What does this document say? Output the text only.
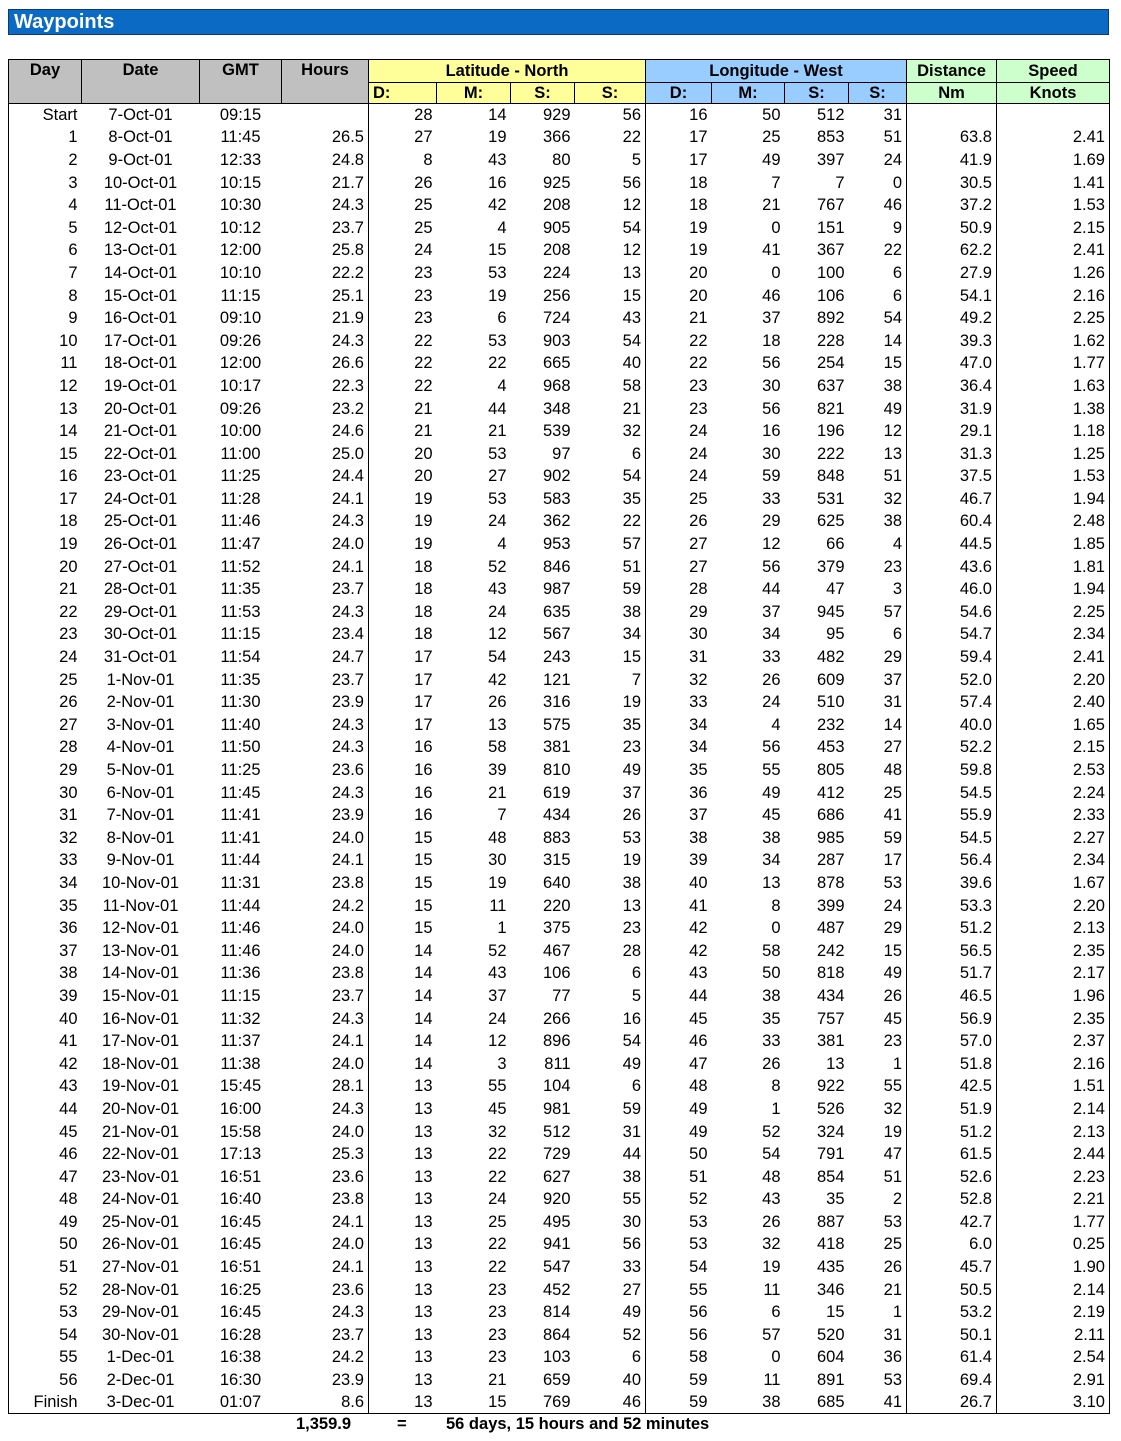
Waypoints
Day	Date	GMT	Hours	Latitude - North				Longitude - West				Distance	Speed
				D:	M:	S:	S:	D:	M:	S:	S:	Nm	Knots
Start	7-Oct-01	09:15		28	14	929	56	16	50	512	31		
1	8-Oct-01	11:45	26.5	27	19	366	22	17	25	853	51	63.8	2.41
2	9-Oct-01	12:33	24.8	8	43	80	5	17	49	397	24	41.9	1.69
3	10-Oct-01	10:15	21.7	26	16	925	56	18	7	7	0	30.5	1.41
4	11-Oct-01	10:30	24.3	25	42	208	12	18	21	767	46	37.2	1.53
5	12-Oct-01	10:12	23.7	25	4	905	54	19	0	151	9	50.9	2.15
6	13-Oct-01	12:00	25.8	24	15	208	12	19	41	367	22	62.2	2.41
7	14-Oct-01	10:10	22.2	23	53	224	13	20	0	100	6	27.9	1.26
8	15-Oct-01	11:15	25.1	23	19	256	15	20	46	106	6	54.1	2.16
9	16-Oct-01	09:10	21.9	23	6	724	43	21	37	892	54	49.2	2.25
10	17-Oct-01	09:26	24.3	22	53	903	54	22	18	228	14	39.3	1.62
11	18-Oct-01	12:00	26.6	22	22	665	40	22	56	254	15	47.0	1.77
12	19-Oct-01	10:17	22.3	22	4	968	58	23	30	637	38	36.4	1.63
13	20-Oct-01	09:26	23.2	21	44	348	21	23	56	821	49	31.9	1.38
14	21-Oct-01	10:00	24.6	21	21	539	32	24	16	196	12	29.1	1.18
15	22-Oct-01	11:00	25.0	20	53	97	6	24	30	222	13	31.3	1.25
16	23-Oct-01	11:25	24.4	20	27	902	54	24	59	848	51	37.5	1.53
17	24-Oct-01	11:28	24.1	19	53	583	35	25	33	531	32	46.7	1.94
18	25-Oct-01	11:46	24.3	19	24	362	22	26	29	625	38	60.4	2.48
19	26-Oct-01	11:47	24.0	19	4	953	57	27	12	66	4	44.5	1.85
20	27-Oct-01	11:52	24.1	18	52	846	51	27	56	379	23	43.6	1.81
21	28-Oct-01	11:35	23.7	18	43	987	59	28	44	47	3	46.0	1.94
22	29-Oct-01	11:53	24.3	18	24	635	38	29	37	945	57	54.6	2.25
23	30-Oct-01	11:15	23.4	18	12	567	34	30	34	95	6	54.7	2.34
24	31-Oct-01	11:54	24.7	17	54	243	15	31	33	482	29	59.4	2.41
25	1-Nov-01	11:35	23.7	17	42	121	7	32	26	609	37	52.0	2.20
26	2-Nov-01	11:30	23.9	17	26	316	19	33	24	510	31	57.4	2.40
27	3-Nov-01	11:40	24.3	17	13	575	35	34	4	232	14	40.0	1.65
28	4-Nov-01	11:50	24.3	16	58	381	23	34	56	453	27	52.2	2.15
29	5-Nov-01	11:25	23.6	16	39	810	49	35	55	805	48	59.8	2.53
30	6-Nov-01	11:45	24.3	16	21	619	37	36	49	412	25	54.5	2.24
31	7-Nov-01	11:41	23.9	16	7	434	26	37	45	686	41	55.9	2.33
32	8-Nov-01	11:41	24.0	15	48	883	53	38	38	985	59	54.5	2.27
33	9-Nov-01	11:44	24.1	15	30	315	19	39	34	287	17	56.4	2.34
34	10-Nov-01	11:31	23.8	15	19	640	38	40	13	878	53	39.6	1.67
35	11-Nov-01	11:44	24.2	15	11	220	13	41	8	399	24	53.3	2.20
36	12-Nov-01	11:46	24.0	15	1	375	23	42	0	487	29	51.2	2.13
37	13-Nov-01	11:46	24.0	14	52	467	28	42	58	242	15	56.5	2.35
38	14-Nov-01	11:36	23.8	14	43	106	6	43	50	818	49	51.7	2.17
39	15-Nov-01	11:15	23.7	14	37	77	5	44	38	434	26	46.5	1.96
40	16-Nov-01	11:32	24.3	14	24	266	16	45	35	757	45	56.9	2.35
41	17-Nov-01	11:37	24.1	14	12	896	54	46	33	381	23	57.0	2.37
42	18-Nov-01	11:38	24.0	14	3	811	49	47	26	13	1	51.8	2.16
43	19-Nov-01	15:45	28.1	13	55	104	6	48	8	922	55	42.5	1.51
44	20-Nov-01	16:00	24.3	13	45	981	59	49	1	526	32	51.9	2.14
45	21-Nov-01	15:58	24.0	13	32	512	31	49	52	324	19	51.2	2.13
46	22-Nov-01	17:13	25.3	13	22	729	44	50	54	791	47	61.5	2.44
47	23-Nov-01	16:51	23.6	13	22	627	38	51	48	854	51	52.6	2.23
48	24-Nov-01	16:40	23.8	13	24	920	55	52	43	35	2	52.8	2.21
49	25-Nov-01	16:45	24.1	13	25	495	30	53	26	887	53	42.7	1.77
50	26-Nov-01	16:45	24.0	13	22	941	56	53	32	418	25	6.0	0.25
51	27-Nov-01	16:51	24.1	13	22	547	33	54	19	435	26	45.7	1.90
52	28-Nov-01	16:25	23.6	13	23	452	27	55	11	346	21	50.5	2.14
53	29-Nov-01	16:45	24.3	13	23	814	49	56	6	15	1	53.2	2.19
54	30-Nov-01	16:28	23.7	13	23	864	52	56	57	520	31	50.1	2.11
55	1-Dec-01	16:38	24.2	13	23	103	6	58	0	604	36	61.4	2.54
56	2-Dec-01	16:30	23.9	13	21	659	40	59	11	891	53	69.4	2.91
Finish	3-Dec-01	01:07	8.6	13	15	769	46	59	38	685	41	26.7	3.10
1,359.9	= 56 days, 15 hours and 52 minutes
